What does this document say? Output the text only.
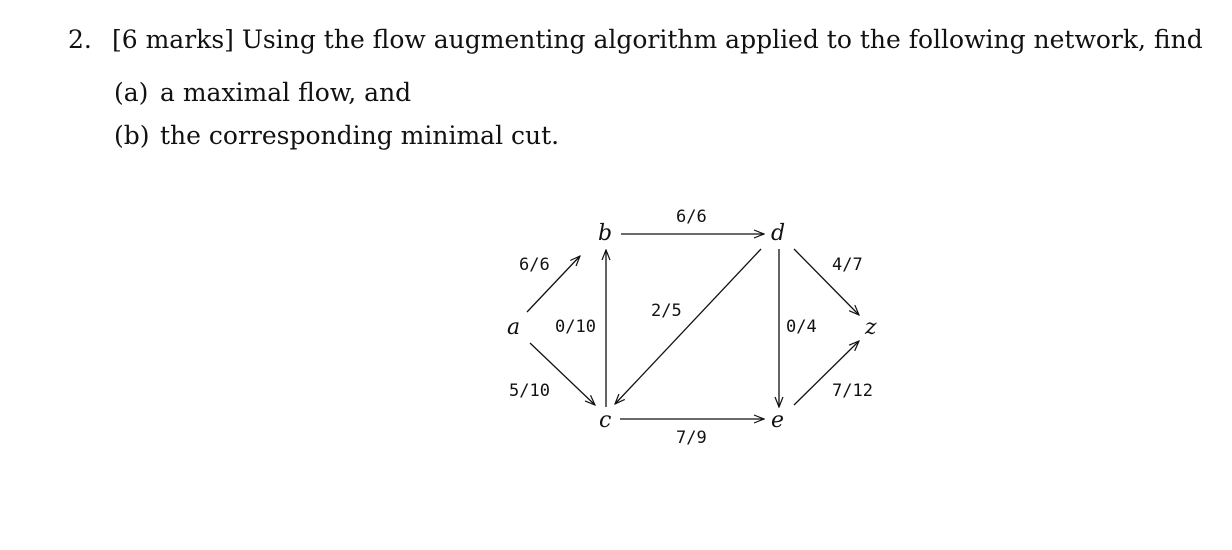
2. [6 marks] Using the flow augmenting algorithm applied to the following network, find
(a) a maximal flow, and
(b) the corresponding minimal cut.
a
b
c
d
e
z
6/6
5/10
0/10
6/6
2/5
7/9
0/4
4/7
7/12
